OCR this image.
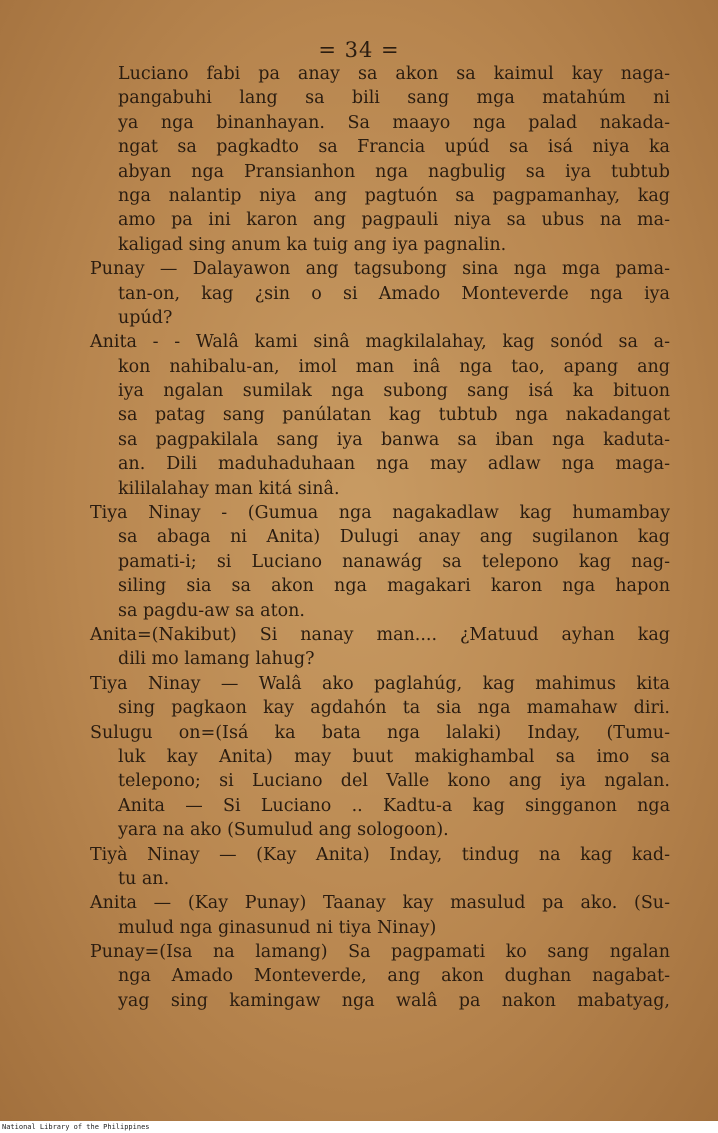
= 34 =
Luciano fabi pa anay sa akon sa kaimul kay naga-
pangabuhi lang sa bili sang mga matahúm ni
ya nga binanhayan. Sa maayo nga palad nakada-
ngat sa pagkadto sa Francia upúd sa isá niya ka
abyan nga Pransianhon nga nagbulig sa iya tubtub
nga nalantip niya ang pagtuón sa pagpamanhay, kag
amo pa ini karon ang pagpauli niya sa ubus na ma-
kaligad sing anum ka tuig ang iya pagnalin.
Punay — Dalayawon ang tagsubong sina nga mga pama-
tan-on, kag ¿sin o si Amado Monteverde nga iya
upúd?
Anita - - Walâ kami sinâ magkilalahay, kag sonód sa a-
kon nahibalu-an, imol man inâ nga tao, apang ang
iya ngalan sumilak nga subong sang isá ka bituon
sa patag sang panúlatan kag tubtub nga nakadangat
sa pagpakilala sang iya banwa sa iban nga kaduta-
an. Dili maduhaduhaan nga may adlaw nga maga-
kililalahay man kitá sinâ.
Tiya Ninay - (Gumua nga nagakadlaw kag humambay
sa abaga ni Anita) Dulugi anay ang sugilanon kag
pamati-i; si Luciano nanawág sa telepono kag nag-
siling sia sa akon nga magakari karon nga hapon
sa pagdu-aw sa aton.
Anita=(Nakibut) Si nanay man.... ¿Matuud ayhan kag
dili mo lamang lahug?
Tiya Ninay — Walâ ako paglahúg, kag mahimus kita
sing pagkaon kay agdahón ta sia nga mamahaw diri.
Sulugu on=(Isá ka bata nga lalaki) Inday, (Tumu-
luk kay Anita) may buut makighambal sa imo sa
telepono; si Luciano del Valle kono ang iya ngalan.
Anita — Si Luciano .. Kadtu-a kag singganon nga
yara na ako (Sumulud ang sologoon).
Tiyà Ninay — (Kay Anita) Inday, tindug na kag kad-
tu an.
Anita — (Kay Punay) Taanay kay masulud pa ako. (Su-
mulud nga ginasunud ni tiya Ninay)
Punay=(Isa na lamang) Sa pagpamati ko sang ngalan
nga Amado Monteverde, ang akon dughan nagabat-
yag sing kamingaw nga walâ pa nakon mabatyag,
National Library of the Philippines
